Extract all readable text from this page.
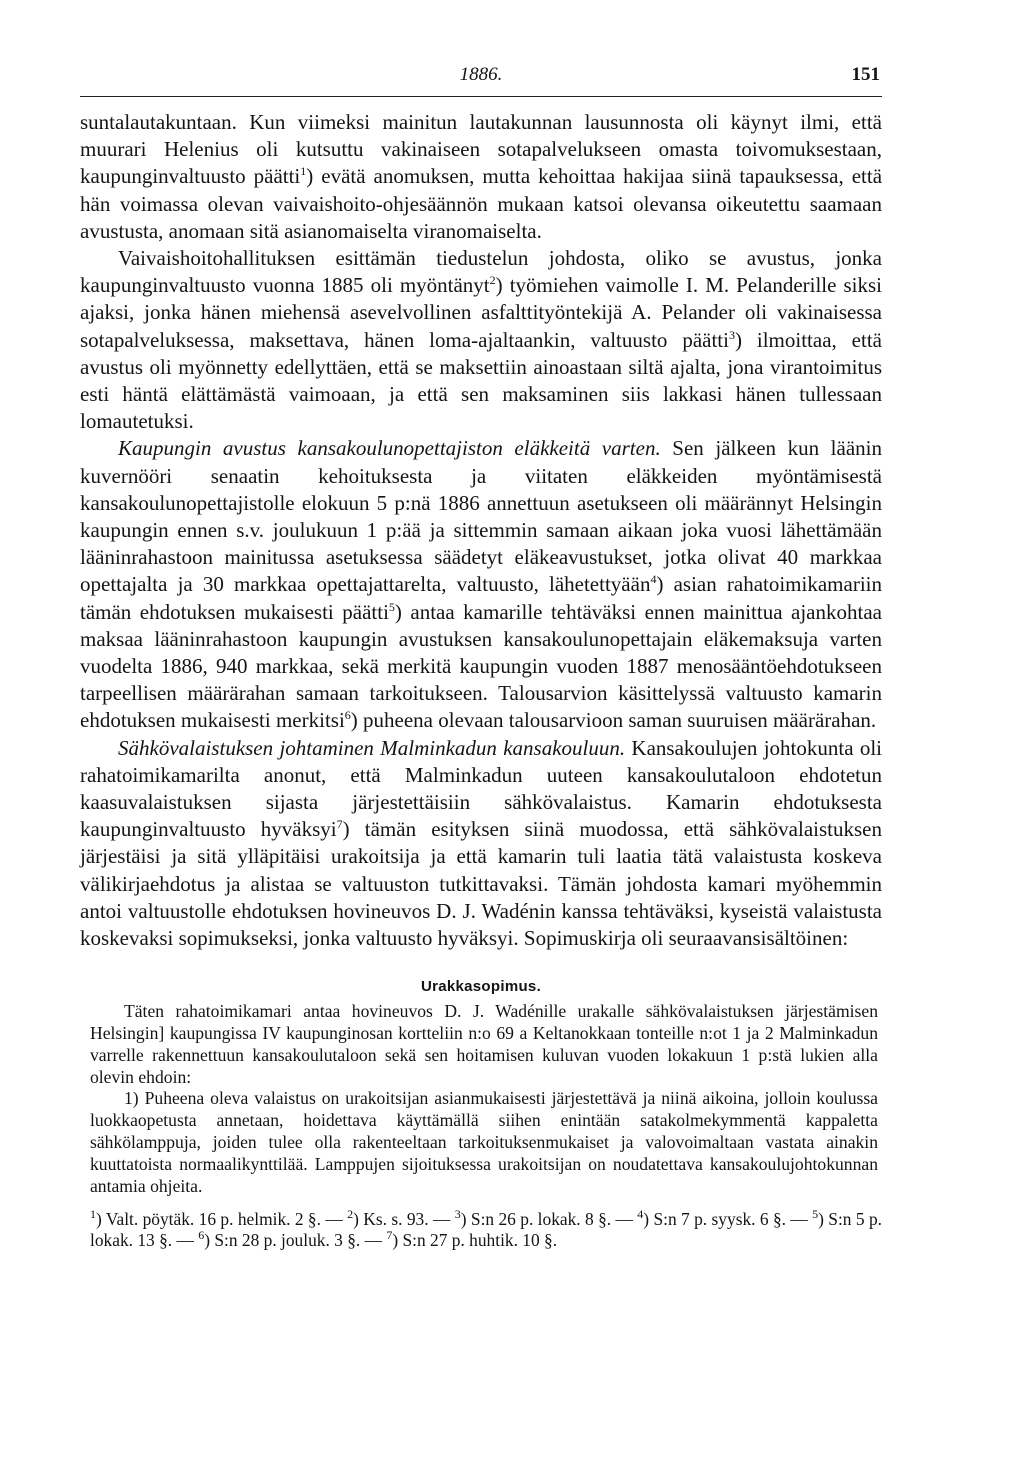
1886.	151

suntalautakuntaan. Kun viimeksi mainitun lautakunnan lausunnosta oli käynyt ilmi, että muurari Helenius oli kutsuttu vakinaiseen sotapalvelukseen omasta toivomuksestaan, kaupunginvaltuusto päätti$^1$) evätä anomuksen, mutta kehoittaa hakijaa siinä tapauksessa, että hän voimassa olevan vaivaishoito-ohjesäännön mukaan katsoi olevansa oikeutettu saamaan avustusta, anomaan sitä asianomaiselta viranomaiselta.

Vaivaishoitohallituksen esittämän tiedustelun johdosta, oliko se avustus, jonka kaupunginvaltuusto vuonna 1885 oli myöntänyt$^2$) työmiehen vaimolle I. M. Pelanderille siksi ajaksi, jonka hänen miehensä asevelvollinen asfalttityöntekijä A. Pelander oli vakinaisessa sotapalveluksessa, maksettava, hänen loma-ajaltaankin, valtuusto päätti$^3$) ilmoittaa, että avustus oli myönnetty edellyttäen, että se maksettiin ainoastaan siltä ajalta, jona virantoimitus esti häntä elättämästä vaimoaan, ja että sen maksaminen siis lakkasi hänen tullessaan lomautetuksi.

Kaupungin avustus kansakoulunopettajiston eläkkeitä varten. Sen jälkeen kun läänin kuvernööri senaatin kehoituksesta ja viitaten eläkkeiden myöntämisestä kansakoulunopettajistolle elokuun 5 p:nä 1886 annettuun asetukseen oli määrännyt Helsingin kaupungin ennen s.v. joulukuun 1 p:ää ja sittemmin samaan aikaan joka vuosi lähettämään lääninrahastoon mainitussa asetuksessa säädetyt eläkeavustukset, jotka olivat 40 markkaa opettajalta ja 30 markkaa opettajattarelta, valtuusto, lähetettyään$^4$) asian rahatoimikamariin tämän ehdotuksen mukaisesti päätti$^5$) antaa kamarille tehtäväksi ennen mainittua ajankohtaa maksaa lääninrahastoon kaupungin avustuksen kansakoulunopettajain eläkemaksuja varten vuodelta 1886, 940 markkaa, sekä merkitä kaupungin vuoden 1887 menosääntöehdotukseen tarpeellisen määrärahan samaan tarkoitukseen. Talousarvion käsittelyssä valtuusto kamarin ehdotuksen mukaisesti merkitsi$^6$) puheena olevaan talousarvioon saman suuruisen määrärahan.

Sähkövalaistuksen johtaminen Malminkadun kansakouluun. Kansakoulujen johtokunta oli rahatoimikamarilta anonut, että Malminkadun uuteen kansakoulutaloon ehdotetun kaasuvalaistuksen sijasta järjestettäisiin sähkövalaistus. Kamarin ehdotuksesta kaupunginvaltuusto hyväksyi$^7$) tämän esityksen siinä muodossa, että sähkövalaistuksen järjestäisi ja sitä ylläpitäisi urakoitsija ja että kamarin tuli laatia tätä valaistusta koskeva välikirjaehdotus ja alistaa se valtuuston tutkittavaksi. Tämän johdosta kamari myöhemmin antoi valtuustolle ehdotuksen hovineuvos D. J. Wadénin kanssa tehtäväksi, kyseistä valaistusta koskevaksi sopimukseksi, jonka valtuusto hyväksyi. Sopimuskirja oli seuraavansisältöinen:

Urakkasopimus.

Täten rahatoimikamari antaa hovineuvos D. J. Wadénille urakalle sähkövalaistuksen järjestämisen Helsingin] kaupungissa IV kaupunginosan kortteliin n:o 69 a Keltanokkaan tonteille n:ot 1 ja 2 Malminkadun varrelle rakennettuun kansakoulutaloon sekä sen hoitamisen kuluvan vuoden lokakuun 1 p:stä lukien alla olevin ehdoin:

1) Puheena oleva valaistus on urakoitsijan asianmukaisesti järjestettävä ja niinä aikoina, jolloin koulussa luokkaopetusta annetaan, hoidettava käyttämällä siihen enintään satakolmekymmentä kappaletta sähkölamppuja, joiden tulee olla rakenteeltaan tarkoituksenmukaiset ja valovoimaltaan vastata ainakin kuuttatoista normaalikynttilää. Lamppujen sijoituksessa urakoitsijan on noudatettava kansakoulujohtokunnan antamia ohjeita.

$^1$) Valt. pöytäk. 16 p. helmik. 2 §. — $^2$) Ks. s. 93. — $^3$) S:n 26 p. lokak. 8 §. — $^4$) S:n 7 p. syysk. 6 §. — $^5$) S:n 5 p. lokak. 13 §. — $^6$) S:n 28 p. jouluk. 3 §. — $^7$) S:n 27 p. huhtik. 10 §.
